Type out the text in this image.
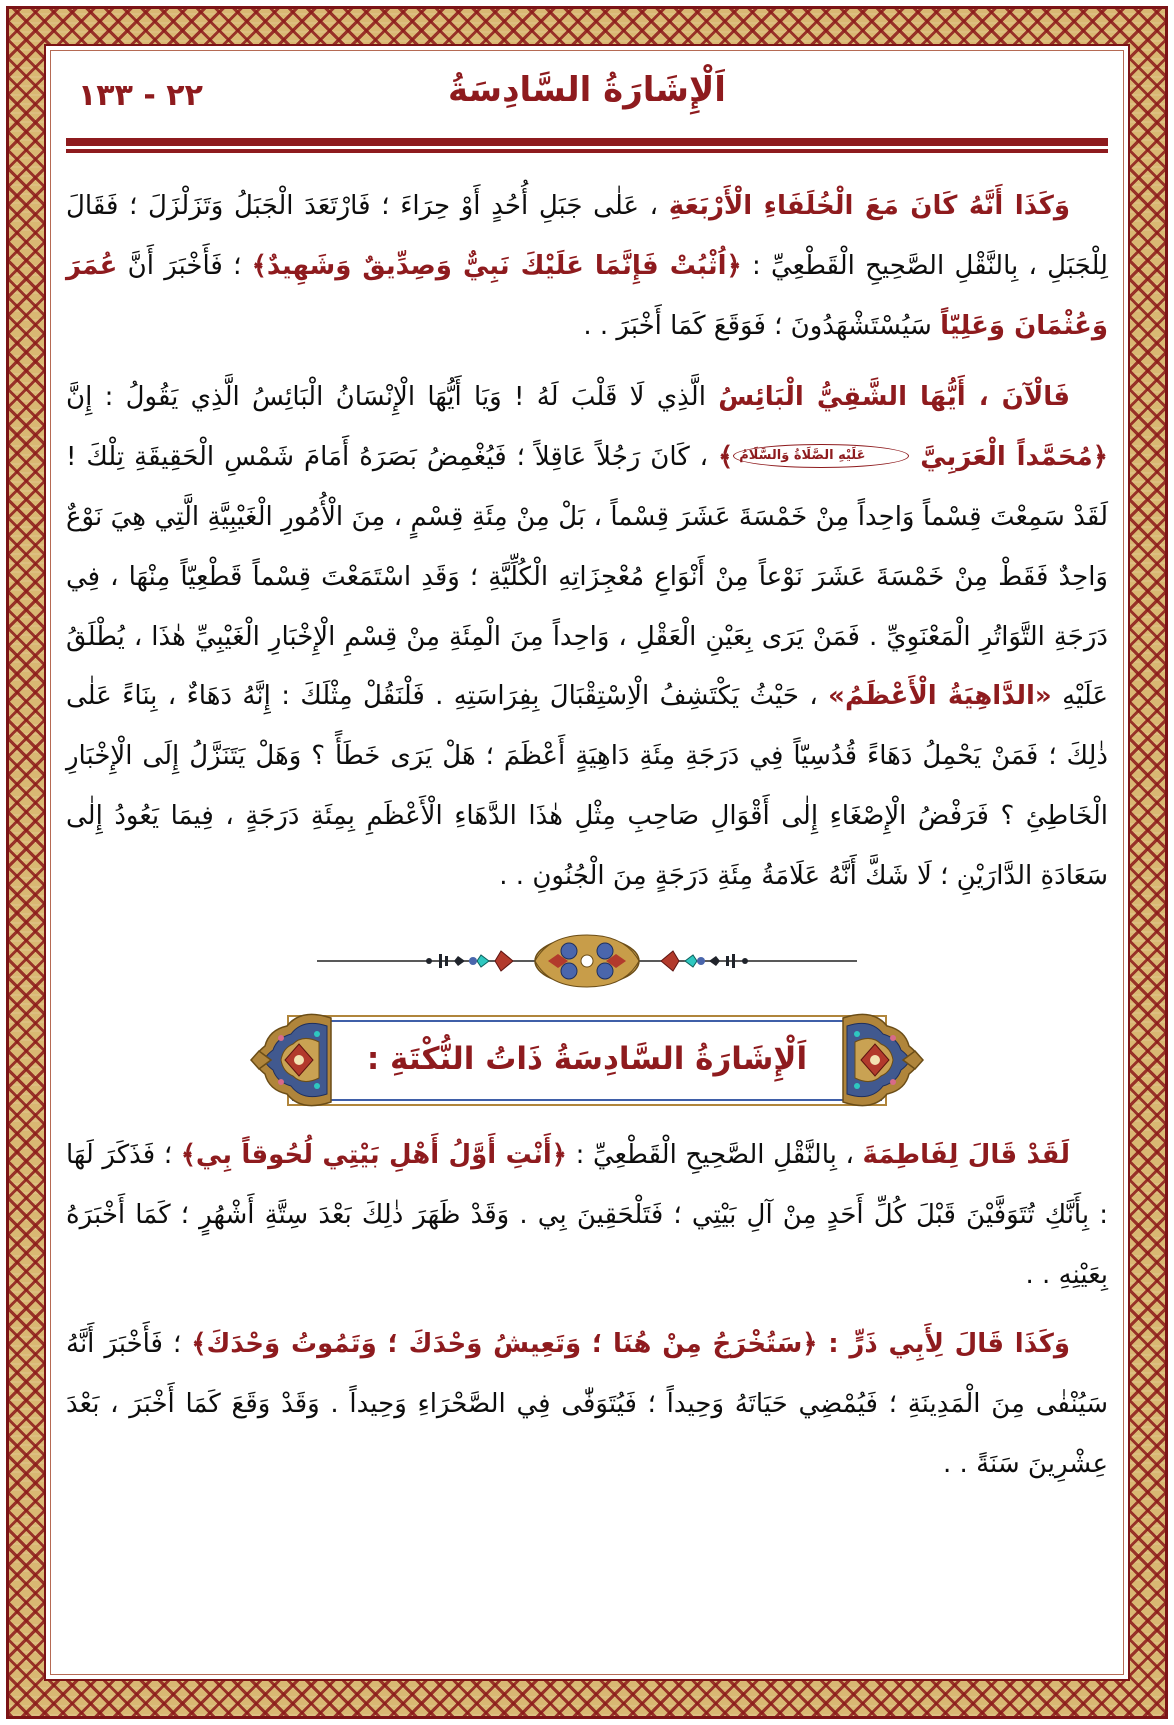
٢٢ - ١٣٣	اَلْإِشَارَةُ السَّادِسَةُ

وَكَذَا أَنَّهُ كَانَ مَعَ الْخُلَفَاءِ الْأَرْبَعَةِ ، عَلٰى جَبَلِ أُحُدٍ أَوْ حِرَاءَ ؛ فَارْتَعَدَ الْجَبَلُ وَتَزَلْزَلَ ؛ فَقَالَ لِلْجَبَلِ ، بِالنَّقْلِ الصَّحِيحِ الْقَطْعِيِّ : ﴿اُثْبُتْ فَإِنَّمَا عَلَيْكَ نَبِيٌّ وَصِدِّيقٌ وَشَهِيدٌ﴾ ؛ فَأَخْبَرَ أَنَّ عُمَرَ وَعُثْمَانَ وَعَلِيّاً سَيُسْتَشْهَدُونَ ؛ فَوَقَعَ كَمَا أَخْبَرَ . .

فَالْآنَ ، أَيُّهَا الشَّقِيُّ الْبَائِسُ الَّذِي لَا قَلْبَ لَهُ ! وَيَا أَيُّهَا الْإِنْسَانُ الْبَائِسُ الَّذِي يَقُولُ : إِنَّ ﴿مُحَمَّداً الْعَرَبِيَّ عَلَيْهِ الصَّلَاةُ وَالسَّلَامُ﴾ ، كَانَ رَجُلاً عَاقِلاً ؛ فَيُغْمِضُ بَصَرَهُ أَمَامَ شَمْسِ الْحَقِيقَةِ تِلْكَ ! لَقَدْ سَمِعْتَ قِسْماً وَاحِداً مِنْ خَمْسَةَ عَشَرَ قِسْماً ، بَلْ مِنْ مِئَةِ قِسْمٍ ، مِنَ الْأُمُورِ الْغَيْبِيَّةِ الَّتِي هِيَ نَوْعٌ وَاحِدٌ فَقَطْ مِنْ خَمْسَةَ عَشَرَ نَوْعاً مِنْ أَنْوَاعِ مُعْجِزَاتِهِ الْكُلِّيَّةِ ؛ وَقَدِ اسْتَمَعْتَ قِسْماً قَطْعِيّاً مِنْهَا ، فِي دَرَجَةِ التَّوَاتُرِ الْمَعْنَوِيِّ . فَمَنْ يَرَى بِعَيْنِ الْعَقْلِ ، وَاحِداً مِنَ الْمِئَةِ مِنْ قِسْمِ الْإِخْبَارِ الْغَيْبِيِّ هٰذَا ، يُطْلَقُ عَلَيْهِ «الدَّاهِيَةُ الْأَعْظَمُ» ، حَيْثُ يَكْتَشِفُ الْاِسْتِقْبَالَ بِفِرَاسَتِهِ . فَلْنَقُلْ مِثْلَكَ : إِنَّهُ دَهَاءٌ ، بِنَاءً عَلٰى ذٰلِكَ ؛ فَمَنْ يَحْمِلُ دَهَاءً قُدُسِيّاً فِي دَرَجَةِ مِئَةِ دَاهِيَةٍ أَعْظَمَ ؛ هَلْ يَرَى خَطَأً ؟ وَهَلْ يَتَنَزَّلُ إِلَى الْإِخْبَارِ الْخَاطِئِ ؟ فَرَفْضُ الْإِصْغَاءِ إِلٰى أَقْوَالِ صَاحِبِ مِثْلِ هٰذَا الدَّهَاءِ الْأَعْظَمِ بِمِئَةِ دَرَجَةٍ ، فِيمَا يَعُودُ إِلٰى سَعَادَةِ الدَّارَيْنِ ؛ لَا شَكَّ أَنَّهُ عَلَامَةُ مِئَةِ دَرَجَةٍ مِنَ الْجُنُونِ . .

اَلْإِشَارَةُ السَّادِسَةُ ذَاتُ النُّكْتَةِ :

لَقَدْ قَالَ لِفَاطِمَةَ ، بِالنَّقْلِ الصَّحِيحِ الْقَطْعِيِّ : ﴿أَنْتِ أَوَّلُ أَهْلِ بَيْتِي لُحُوقاً بِي﴾ ؛ فَذَكَرَ لَهَا : بِأَنَّكِ تُتَوَفَّيْنَ قَبْلَ كُلِّ أَحَدٍ مِنْ آلِ بَيْتِي ؛ فَتَلْحَقِينَ بِي . وَقَدْ ظَهَرَ ذٰلِكَ بَعْدَ سِتَّةِ أَشْهُرٍ ؛ كَمَا أَخْبَرَهُ بِعَيْنِهِ . .

وَكَذَا قَالَ لِأَبِي ذَرٍّ : ﴿سَتُخْرَجُ مِنْ هُنَا ؛ وَتَعِيشُ وَحْدَكَ ؛ وَتَمُوتُ وَحْدَكَ﴾ ؛ فَأَخْبَرَ أَنَّهُ سَيُنْفٰى مِنَ الْمَدِينَةِ ؛ فَيُمْضِي حَيَاتَهُ وَحِيداً ؛ فَيُتَوَفّٰى فِي الصَّحْرَاءِ وَحِيداً . وَقَدْ وَقَعَ كَمَا أَخْبَرَ ، بَعْدَ عِشْرِينَ سَنَةً . .
